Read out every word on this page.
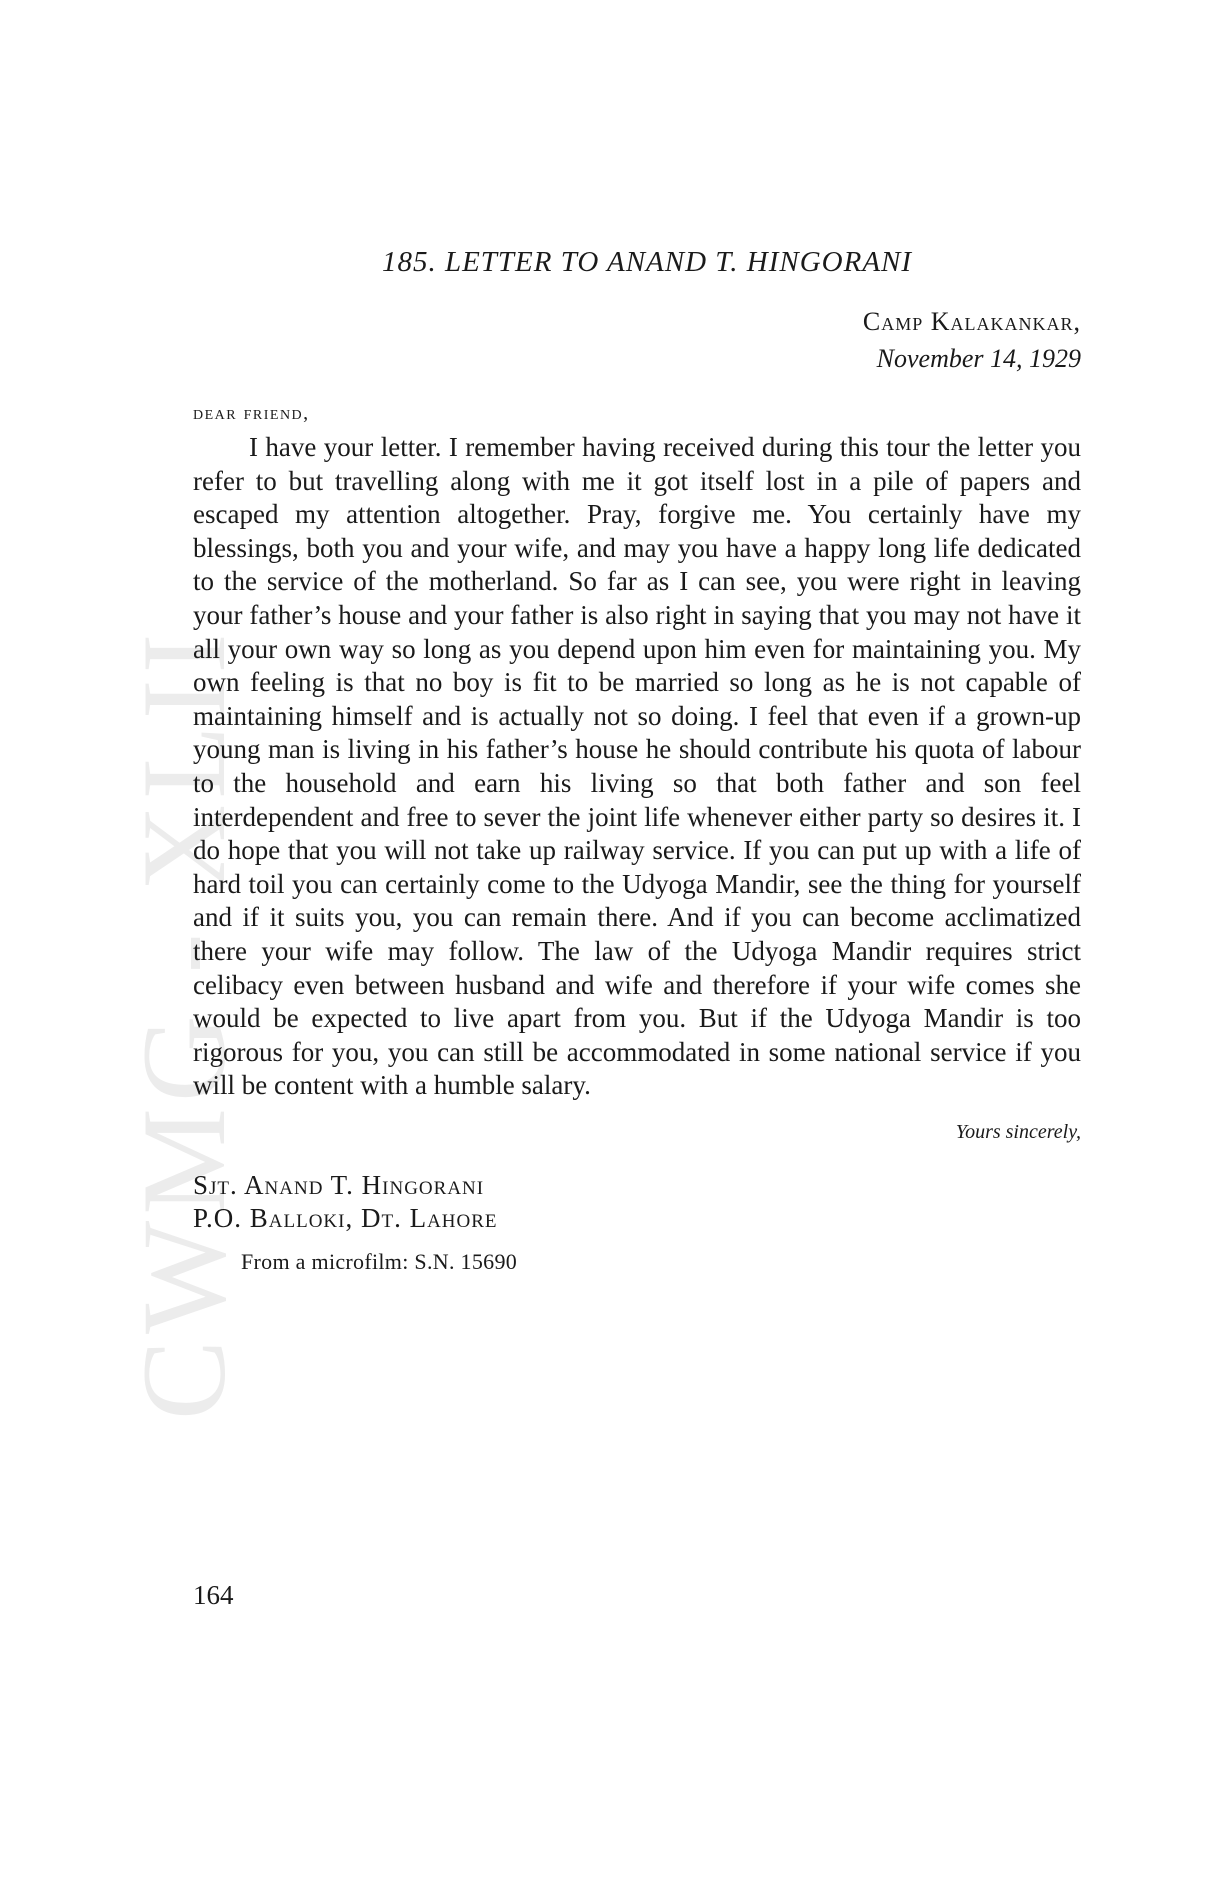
CWMG - XLII
185. LETTER TO ANAND T. HINGORANI
Camp Kalakankar,
November 14, 1929
dear friend,

I have your letter. I remember having received during this tour the letter you refer to but travelling along with me it got itself lost in a pile of papers and escaped my attention altogether. Pray, forgive me. You certainly have my blessings, both you and your wife, and may you have a happy long life dedicated to the service of the motherland. So far as I can see, you were right in leaving your father’s house and your father is also right in saying that you may not have it all your own way so long as you depend upon him even for maintaining you. My own feeling is that no boy is fit to be married so long as he is not capable of maintaining himself and is actually not so doing. I feel that even if a grown-up young man is living in his father’s house he should contribute his quota of labour to the household and earn his living so that both father and son feel interdependent and free to sever the joint life whenever either party so desires it. I do hope that you will not take up railway service. If you can put up with a life of hard toil you can certainly come to the Udyoga Mandir, see the thing for yourself and if it suits you, you can remain there. And if you can become acclimatized there your wife may follow. The law of the Udyoga Mandir requires strict celibacy even between husband and wife and therefore if your wife comes she would be expected to live apart from you. But if the Udyoga Mandir is too rigorous for you, you can still be accommodated in some national service if you will be content with a humble salary.

Yours sincerely,
Sjt. Anand T. Hingorani
P.O. Balloki, Dt. Lahore
From a microfilm: S.N. 15690
164
